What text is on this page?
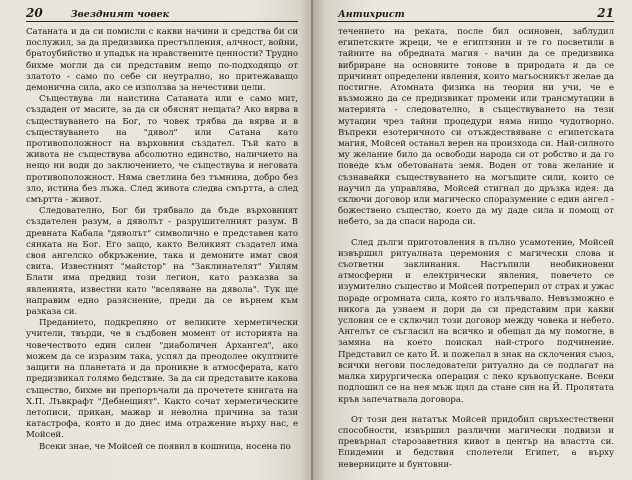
20	Звездният човек

Сатаната и да си помисли с какви начини и средства би си послужил, за да предизвика престъпления, алчност, войни, братоубийство и упадък на нравствените ценности? Трудно бихме могли да си представим нещо по-подходящо от златото - само по себе си неутрално, но притежаващо демонична сила, ако се използва за нечестиви цели.

Съществува ли наистина Сатаната или е само мит, създаден от масите, за да си обяснят нещата? Ако вярва в съществуването на Бог, то човек трябва да вярва и в съществуването на "дявол" или Сатана като противоположност на върховния създател. Тъй като в живота не съществува абсолютно единство, наличието на нещо ни води до заключението, че съществува и неговата противоположност. Няма светлина без тъмнина, добро без зло, истина без лъжа. След живота следва смъртта, а след смъртта - живот.

Следователно, Бог би трябвало да бъде върховният създателен разум, а дяволът - разрушителният разум. В древната Кабала "дяволът" символично е представен като сянката на Бог. Его защо, както Великият създател има своя ангелско обкръжение, така и демоните имат своя свита. Известният "майстор" на "Заклинателят" Уилям Блати има предвид този легион, като разказва за явленията, известни като "вселяване на дявола". Тук ще направим едно разяснение, преди да се върнем към разказа си.

Преданието, подкрепяно от великите херметически учители, твърди, че в съдбовен момент от историята на човечеството един силен "диаболичен Архангел", ако можем да се изразим така, успял да преодолее окултните защити на планетата и да проникне в атмосферата, като предизвикал голямо бедствие. За да си представите какова същество, бихме ви препоръчали да прочетете книгата на Х.П. Лъвкрафт "Дебнещият". Както сочат херметическите летописи, прикан, мажар и неволна причина за тази катастрофа, която и до днес има отражение върху нас, е Мойсей.

Всеки знае, че Мойсей се появил в кошница, носена по

Антихрист	21

течението на реката, после бил осиновен, заблудил египетските жреци, че е египтянин и те го посветили в тайните на обредната магия - начин да се предизвика вибриране на основните тонове в природата и да се причинят определени явления, които магьосникът желае да постигне. Атомната физика на теория ни учи, че е възможно да се предизвикат промени или трансмутации в материята - следователно, в съществуването на тези мутации чрез тайни процедури няма нищо чудотворно. Въпреки езотеричното си отъждествяване с египетската магия, Мойсей останал верен на произхода си. Най-силното му желание било да освободи народа си от робство и да го поведе към обетованата земя. Воден от това желание и съзнавайки съществуването на могъщите сили, които се научил да управлява, Мойсей стигнал до дръзка идея: да сключи договор или магическо споразумение с един ангел - божествено същество, което да му даде сила и помощ от небето, за да спаси народа си.

След дълги приготовления в пълно усамотение, Мойсей извършил ритуалната церемония с магически слова и съответни заклинания. Настъпили необикновени атмосферни и електрически явления, повечето се изумително същество и Мойсей потреперил от страх и ужас пораде огромната сила, която го излъчвало. Невъзможно е никога да узнаем и дори да си представим при какви условия се е сключил този договор между човека и небето. Ангелът се съгласил на всичко и обещал да му помогне, в замяна на което поискал най-строго подчинение. Представил се като Й. и пожелал в знак на склочения съюз, всички негови последователи ритуално да се подлагат на малка хирургическа операция с леко кръвопускане. Всеки подлошил се на нея мъж щял да стане син на Й. Пролятата кръв запечатвала договора.

От този ден нататък Мойсей придобил свръхестествени способности, извършил различни магически подвизи и превърнал старозаветния кивот в център на властта си. Епидемии и бедствия сполетели Египет, а върху неверниците и бунтовни-
